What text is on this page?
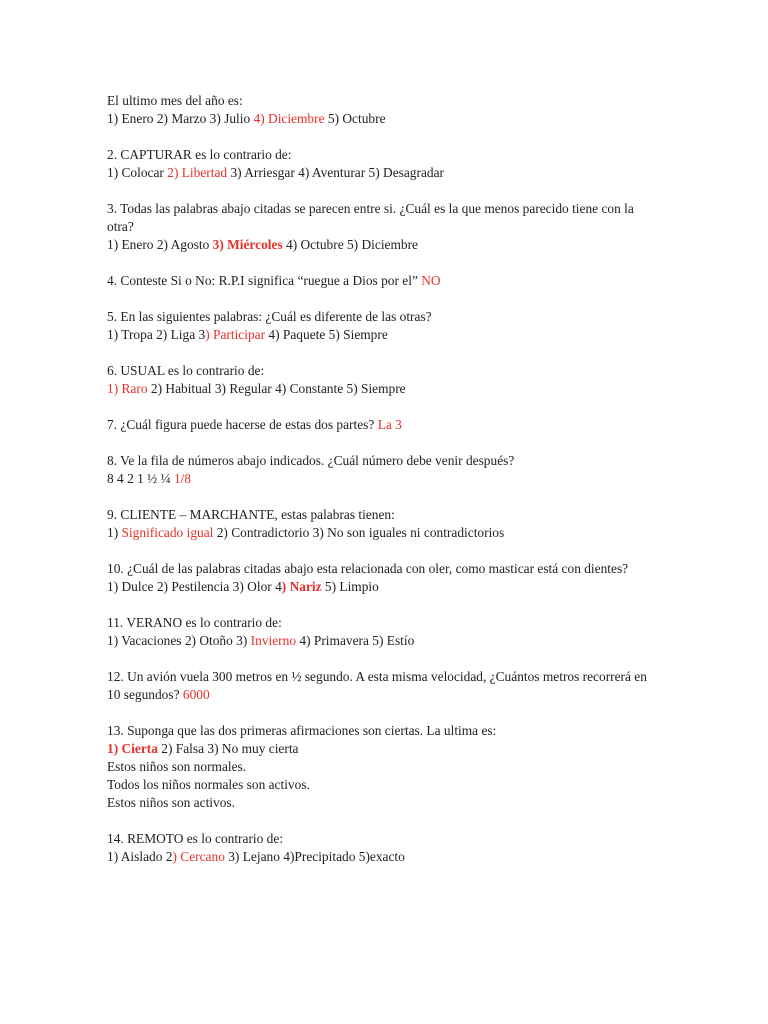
El ultimo mes del año es:
1) Enero 2) Marzo 3) Julio 4) Diciembre 5) Octubre
2. CAPTURAR es lo contrario de:
1) Colocar 2) Libertad 3) Arriesgar 4) Aventurar 5) Desagradar
3. Todas las palabras abajo citadas se parecen entre si. ¿Cuál es la que menos parecido tiene con la otra?
1) Enero 2) Agosto 3) Miércoles 4) Octubre 5) Diciembre
4. Conteste Si o No: R.P.I significa “ruegue a Dios por el” NO
5. En las siguientes palabras: ¿Cuál es diferente de las otras?
1) Tropa 2) Liga 3) Participar 4) Paquete 5) Siempre
6. USUAL es lo contrario de:
1) Raro 2) Habitual 3) Regular 4) Constante 5) Siempre
7. ¿Cuál figura puede hacerse de estas dos partes? La 3
8. Ve la fila de números abajo indicados. ¿Cuál número debe venir después?
8 4 2 1 ½ ¼ 1/8
9. CLIENTE – MARCHANTE, estas palabras tienen:
1) Significado igual 2) Contradictorio 3) No son iguales ni contradictorios
10. ¿Cuál de las palabras citadas abajo esta relacionada con oler, como masticar está con dientes?
1) Dulce 2) Pestilencia 3) Olor 4) Nariz 5) Limpio
11. VERANO es lo contrario de:
1) Vacaciones 2) Otoño 3) Invierno 4) Primavera 5) Estío
12. Un avión vuela 300 metros en ½ segundo. A esta misma velocidad, ¿Cuántos metros recorrerá en 10 segundos? 6000
13. Suponga que las dos primeras afirmaciones son ciertas. La ultima es:
1) Cierta 2) Falsa 3) No muy cierta
Estos niños son normales.
Todos los niños normales son activos.
Estos niños son activos.
14. REMOTO es lo contrario de:
1) Aislado 2) Cercano 3) Lejano 4)Precipitado 5)exacto
